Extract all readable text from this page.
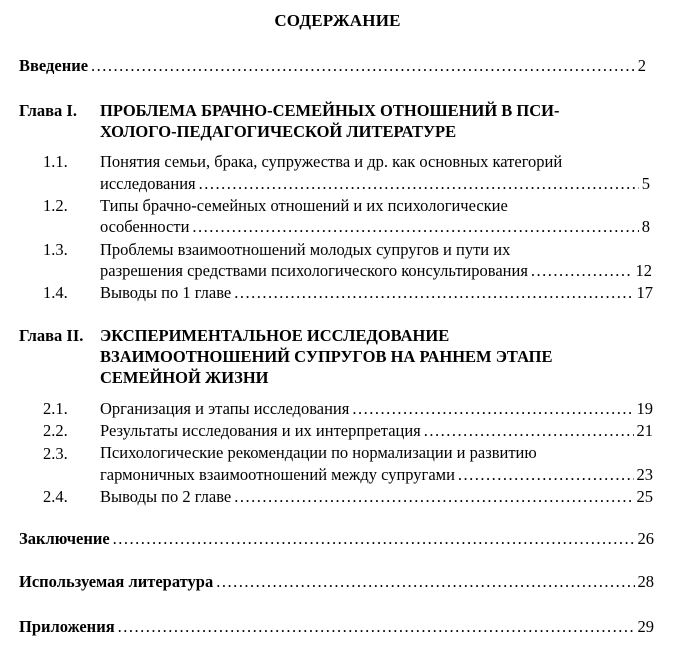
СОДЕРЖАНИЕ
Введение .....	2
Глава I. ПРОБЛЕМА БРАЧНО-СЕМЕЙНЫХ ОТНОШЕНИЙ В ПСИ-
ХОЛОГО-ПЕДАГОГИЧЕСКОЙ ЛИТЕРАТУРЕ
1.1. Понятия семьи, брака, супружества и др. как основных категорий
исследования .....	5
1.2. Типы брачно-семейных отношений и их психологические
особенности .....	8
1.3. Проблемы взаимоотношений молодых супругов и пути их
разрешения средствами психологического консультирования .....	12
1.4. Выводы по 1 главе .....	17
Глава II. ЭКСПЕРИМЕНТАЛЬНОЕ ИССЛЕДОВАНИЕ
ВЗАИМООТНОШЕНИЙ СУПРУГОВ НА РАННЕМ ЭТАПЕ
СЕМЕЙНОЙ ЖИЗНИ
2.1. Организация и этапы исследования .....	19
2.2. Результаты исследования и их интерпретация .....	21
2.3. Психологические рекомендации по нормализации и развитию
гармоничных взаимоотношений между супругами .....	23
2.4. Выводы по 2 главе .....	25
Заключение .....	26
Используемая литература .....	28
Приложения .....	29
